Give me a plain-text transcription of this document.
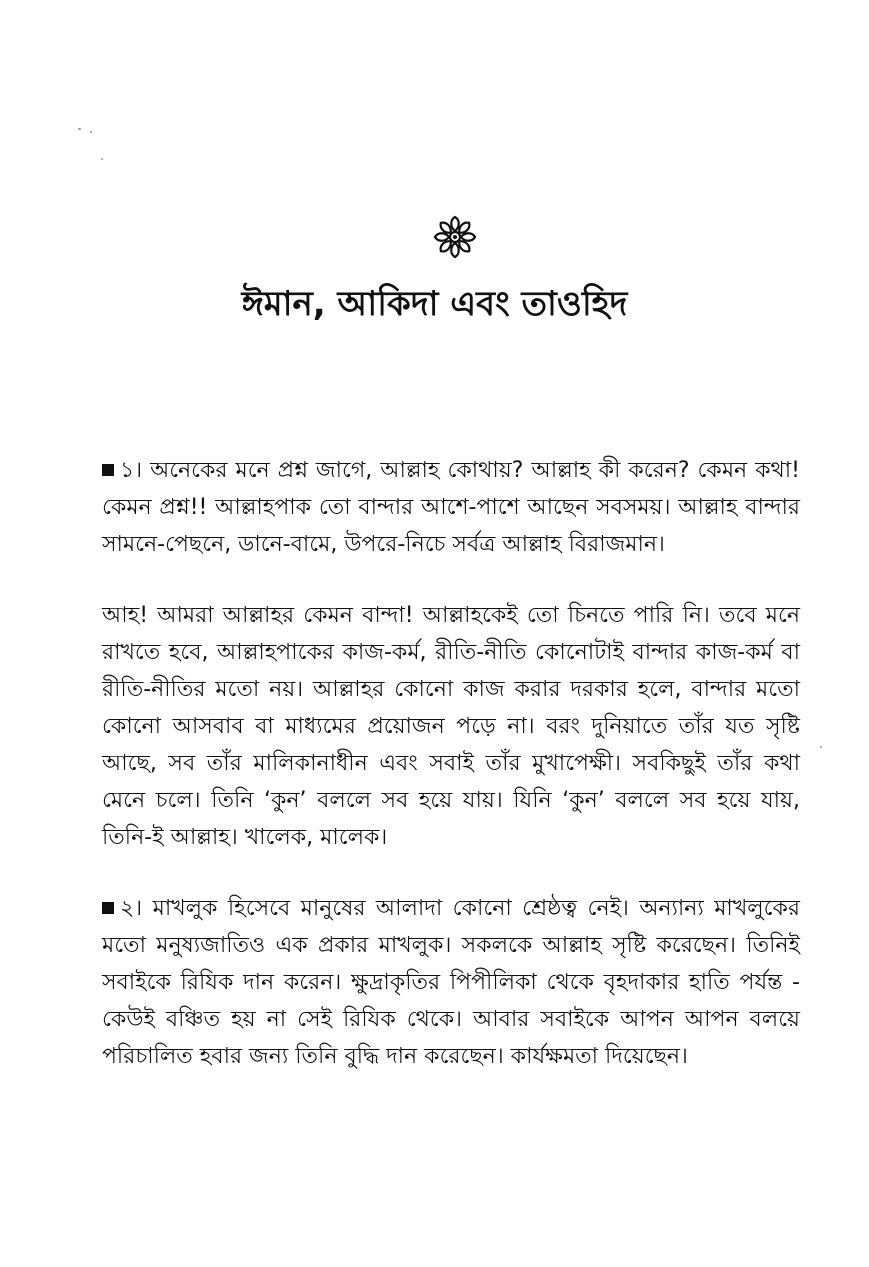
ঈমান, আকিদা এবং তাওহিদ

১। অনেকের মনে প্রশ্ন জাগে, আল্লাহ কোথায়? আল্লাহ কী করেন? কেমন কথা! কেমন প্রশ্ন!! আল্লাহপাক তো বান্দার আশে-পাশে আছেন সবসময়। আল্লাহ বান্দার সামনে-পেছনে, ডানে-বামে, উপরে-নিচে সর্বত্র আল্লাহ বিরাজমান।

আহ! আমরা আল্লাহর কেমন বান্দা! আল্লাহকেই তো চিনতে পারি নি। তবে মনে রাখতে হবে, আল্লাহপাকের কাজ-কর্ম, রীতি-নীতি কোনোটাই বান্দার কাজ-কর্ম বা রীতি-নীতির মতো নয়। আল্লাহর কোনো কাজ করার দরকার হলে, বান্দার মতো কোনো আসবাব বা মাধ্যমের প্রয়োজন পড়ে না। বরং দুনিয়াতে তাঁর যত সৃষ্টি আছে, সব তাঁর মালিকানাধীন এবং সবাই তাঁর মুখাপেক্ষী। সবকিছুই তাঁর কথা মেনে চলে। তিনি ‘কুন’ বললে সব হয়ে যায়। যিনি ‘কুন’ বললে সব হয়ে যায়, তিনি-ই আল্লাহ। খালেক, মালেক।

২। মাখলুক হিসেবে মানুষের আলাদা কোনো শ্রেষ্ঠত্ব নেই। অন্যান্য মাখলুকের মতো মনুষ্যজাতিও এক প্রকার মাখলুক। সকলকে আল্লাহ সৃষ্টি করেছেন। তিনিই সবাইকে রিযিক দান করেন। ক্ষুদ্রাকৃতির পিপীলিকা থেকে বৃহদাকার হাতি পর্যন্ত - কেউই বঞ্চিত হয় না সেই রিযিক থেকে। আবার সবাইকে আপন আপন বলয়ে পরিচালিত হবার জন্য তিনি বুদ্ধি দান করেছেন। কার্যক্ষমতা দিয়েছেন।
